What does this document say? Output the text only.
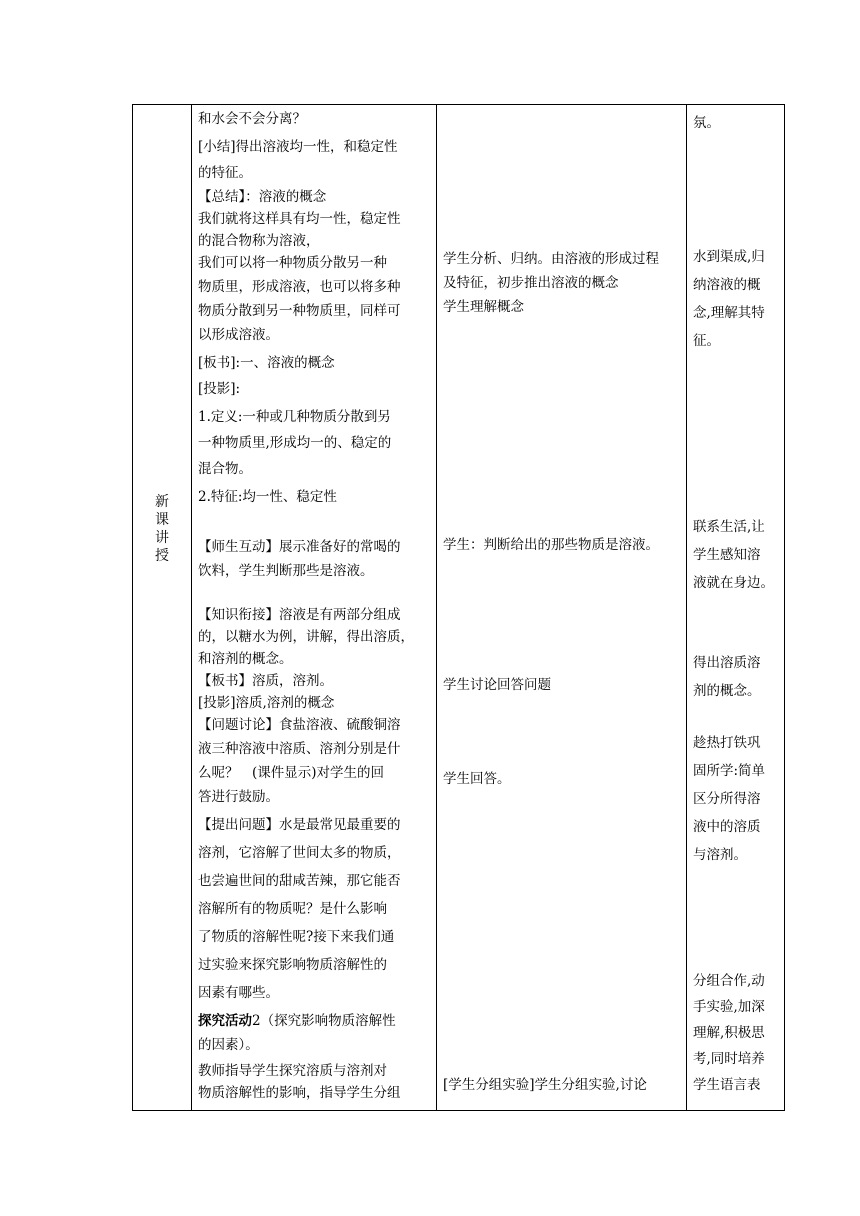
新
课
讲
授

和水会不会分离？

[小结]得出溶液均一性，和稳定性

的特征。

【总结】：溶液的概念

我们就将这样具有均一性，稳定性

的混合物称为溶液，

我们可以将一种物质分散另一种

物质里，形成溶液，也可以将多种

物质分散到另一种物质里，同样可

以形成溶液。

[板书]:一、溶液的概念

[投影]:

1.定义:一种或几种物质分散到另

一种物质里,形成均一的、稳定的

混合物。

2.特征:均一性、稳定性

【师生互动】展示准备好的常喝的

饮料，学生判断那些是溶液。

【知识衔接】溶液是有两部分组成

的，以糖水为例，讲解，得出溶质，

和溶剂的概念。

【板书】溶质，溶剂。

[投影]溶质,溶剂的概念

【问题讨论】食盐溶液、硫酸铜溶

液三种溶液中溶质、溶剂分别是什

么呢？　(课件显示)对学生的回

答进行鼓励。

【提出问题】水是最常见最重要的

溶剂，它溶解了世间太多的物质，

也尝遍世间的甜咸苦辣，那它能否

溶解所有的物质呢？是什么影响

了物质的溶解性呢?接下来我们通

过实验来探究影响物质溶解性的

因素有哪些。

探究活动2（探究影响物质溶解性

的因素）。

教师指导学生探究溶质与溶剂对

物质溶解性的影响，指导学生分组

学生分析、归纳。由溶液的形成过程

及特征，初步推出溶液的概念

学生理解概念

学生：判断给出的那些物质是溶液。

学生讨论回答问题

学生回答。

[学生分组实验]学生分组实验,讨论

氛。

水到渠成,归

纳溶液的概

念,理解其特

征。

联系生活,让

学生感知溶

液就在身边。

得出溶质溶

剂的概念。

趁热打铁巩

固所学:简单

区分所得溶

液中的溶质

与溶剂。

分组合作,动

手实验,加深

理解,积极思

考,同时培养

学生语言表
